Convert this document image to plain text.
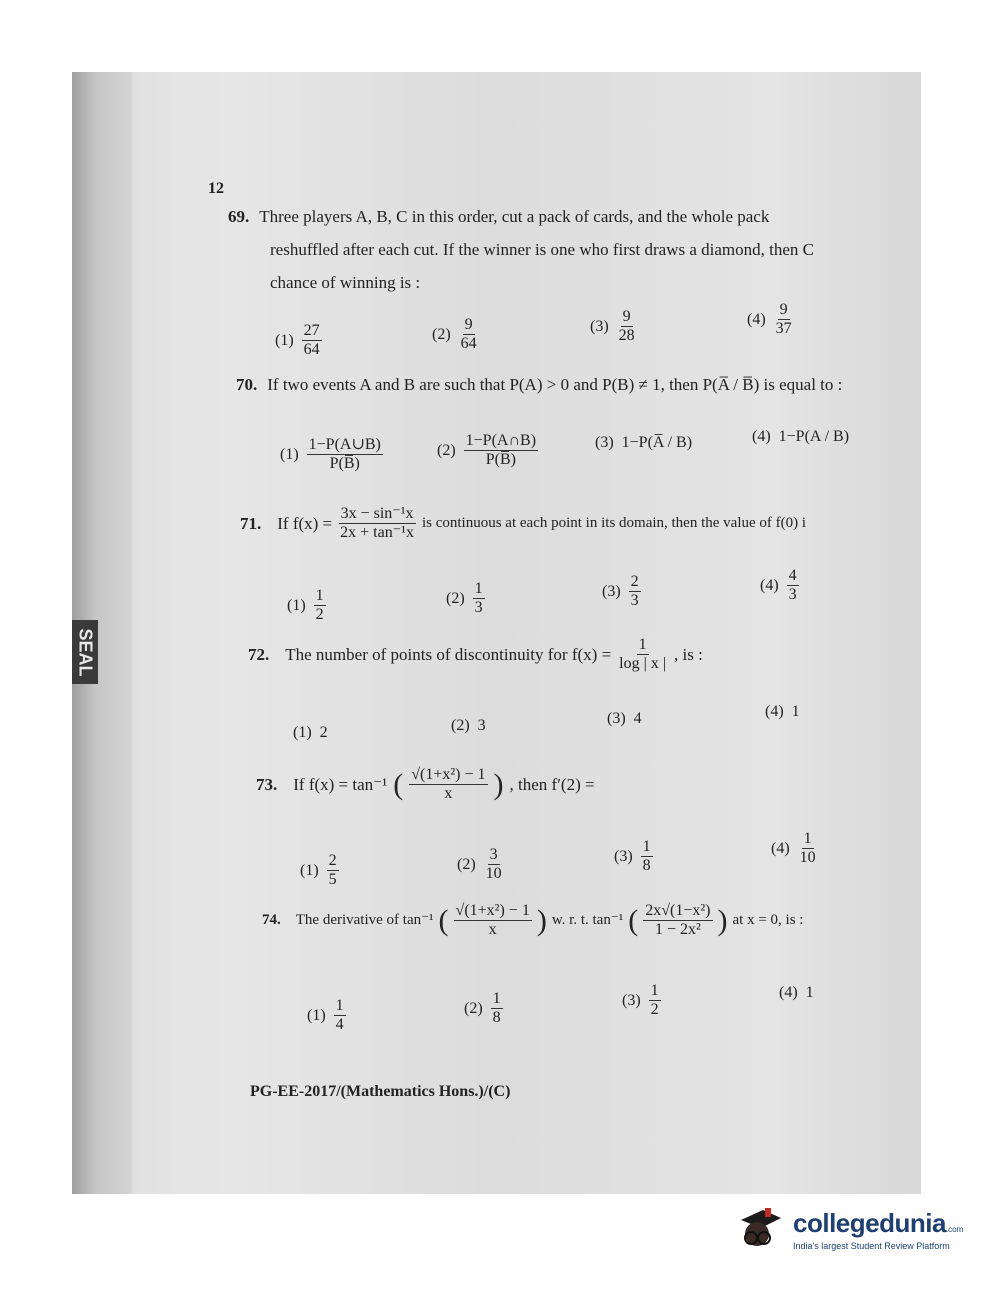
SEAL
12
69. Three players A, B, C in this order, cut a pack of cards, and the whole pack
reshuffled after each cut. If the winner is one who first draws a diamond, then C
chance of winning is :
$(1) \frac{27}{64}$	$(2) \frac{9}{64}$	$(3) \frac{9}{28}$	$(4) \frac{9}{37}$
70. If two events A and B are such that P(A) > 0 and P(B) ≠ 1, then P(A̅ / B̅) is equal to :
$(1) \frac{1-P(A\cup B)}{P(B̅)}$	$(2) \frac{1-P(A\cap B)}{P(B̅)}$	(3) 1−P(A̅ / B)	(4) 1−P(A / B)
71. If $f(x) = \frac{\text{3x − sin⁻¹x}}{\text{2x + tan⁻¹x}}$ is continuous at each point in its domain, then the value of f(0) i
$(1) \frac{1}{2}$	$(2) \frac{1}{3}$	$(3) \frac{2}{3}$	$(4) \frac{4}{3}$
72. The number of points of discontinuity for $f(x) = \frac{1}{\log | x |}$ , is :
(1) 2	(2) 3	(3) 4	(4) 1
73. If f(x) = tan⁻¹ ( $\frac{\text{√(1+x²) − 1}}{x}$ ) , then f′(2) =
$(1) \frac{2}{5}$	$(2) \frac{3}{10}$	$(3) \frac{1}{8}$	$(4) \frac{1}{10}$
74. The derivative of tan⁻¹ ( $\frac{\text{√(1+x²) − 1}}{x}$ ) w. r. t. tan⁻¹ ( $\frac{\text{2x√(1−x²)}}{\text{1 − 2x²}}$ ) at x = 0, is :
$(1) \frac{1}{4}$	$(2) \frac{1}{8}$	$(3) \frac{1}{2}$	(4) 1
PG-EE-2017/(Mathematics Hons.)/(C)
collegedunia.com
India's largest Student Review Platform
